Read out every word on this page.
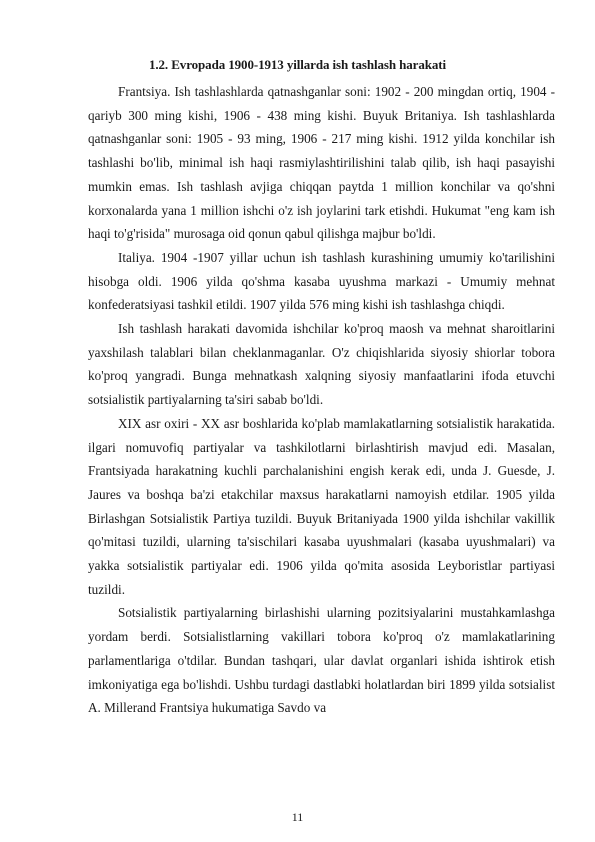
1.2. Evropada 1900-1913 yillarda ish tashlash harakati

Frantsiya. Ish tashlashlarda qatnashganlar soni: 1902 - 200 mingdan ortiq, 1904 - qariyb 300 ming kishi, 1906 - 438 ming kishi. Buyuk Britaniya. Ish tashlashlarda qatnashganlar soni: 1905 - 93 ming, 1906 - 217 ming kishi. 1912 yilda konchilar ish tashlashi bo'lib, minimal ish haqi rasmiylashtirilishini talab qilib, ish haqi pasayishi mumkin emas. Ish tashlash avjiga chiqqan paytda 1 million konchilar va qo'shni korxonalarda yana 1 million ishchi o'z ish joylarini tark etishdi. Hukumat "eng kam ish haqi to'g'risida" murosaga oid qonun qabul qilishga majbur bo'ldi.

Italiya. 1904 -1907 yillar uchun ish tashlash kurashining umumiy ko'tarilishini hisobga oldi. 1906 yilda qo'shma kasaba uyushma markazi - Umumiy mehnat konfederatsiyasi tashkil etildi. 1907 yilda 576 ming kishi ish tashlashga chiqdi.

Ish tashlash harakati davomida ishchilar ko'proq maosh va mehnat sharoitlarini yaxshilash talablari bilan cheklanmaganlar. O'z chiqishlarida siyosiy shiorlar tobora ko'proq yangradi. Bunga mehnatkash xalqning siyosiy manfaatlarini ifoda etuvchi sotsialistik partiyalarning ta'siri sabab bo'ldi.

XIX asr oxiri - XX asr boshlarida ko'plab mamlakatlarning sotsialistik harakatida. ilgari nomuvofiq partiyalar va tashkilotlarni birlashtirish mavjud edi. Masalan, Frantsiyada harakatning kuchli parchalanishini engish kerak edi, unda J. Guesde, J. Jaures va boshqa ba'zi etakchilar maxsus harakatlarni namoyish etdilar. 1905 yilda Birlashgan Sotsialistik Partiya tuzildi. Buyuk Britaniyada 1900 yilda ishchilar vakillik qo'mitasi tuzildi, ularning ta'sischilari kasaba uyushmalari (kasaba uyushmalari) va yakka sotsialistik partiyalar edi. 1906 yilda qo'mita asosida Leyboristlar partiyasi tuzildi.

Sotsialistik partiyalarning birlashishi ularning pozitsiyalarini mustahkamlashga yordam berdi. Sotsialistlarning vakillari tobora ko'proq o'z mamlakatlarining parlamentlariga o'tdilar. Bundan tashqari, ular davlat organlari ishida ishtirok etish imkoniyatiga ega bo'lishdi. Ushbu turdagi dastlabki holatlardan biri 1899 yilda sotsialist A. Millerand Frantsiya hukumatiga Savdo va

11
